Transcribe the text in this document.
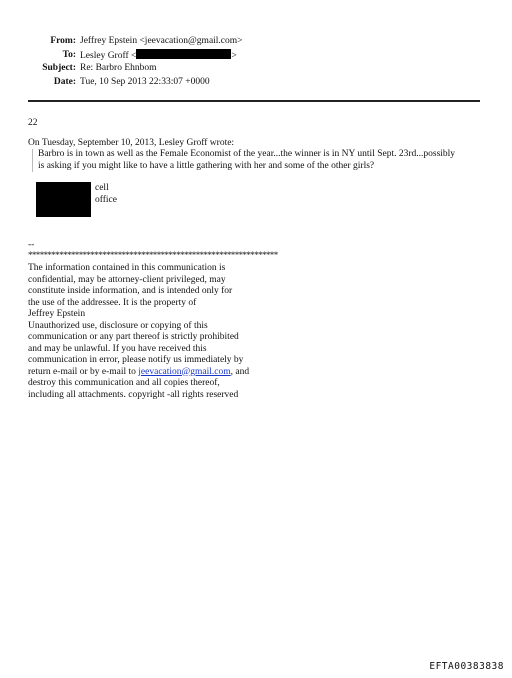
From: Jeffrey Epstein <jeevacation@gmail.com>
To: Lesley Groff <	>
Subject: Re: Barbro Ehnbom
Date: Tue, 10 Sep 2013 22:33:07 +0000
22
On Tuesday, September 10, 2013, Lesley Groff wrote:

Barbro is in town as well as the Female Economist of the year...the winner is in NY until Sept. 23rd...possibly

is asking if you might like to have a little gathering with her and some of the other girls?

cell
office
--
****************************************************************
The information contained in this communication is
confidential, may be attorney-client privileged, may
constitute inside information, and is intended only for
the use of the addressee. It is the property of
Jeffrey Epstein
Unauthorized use, disclosure or copying of this
communication or any part thereof is strictly prohibited
and may be unlawful. If you have received this
communication in error, please notify us immediately by
return e-mail or by e-mail to jeevacation@gmail.com, and
destroy this communication and all copies thereof,
including all attachments. copyright -all rights reserved
EFTA00383838
